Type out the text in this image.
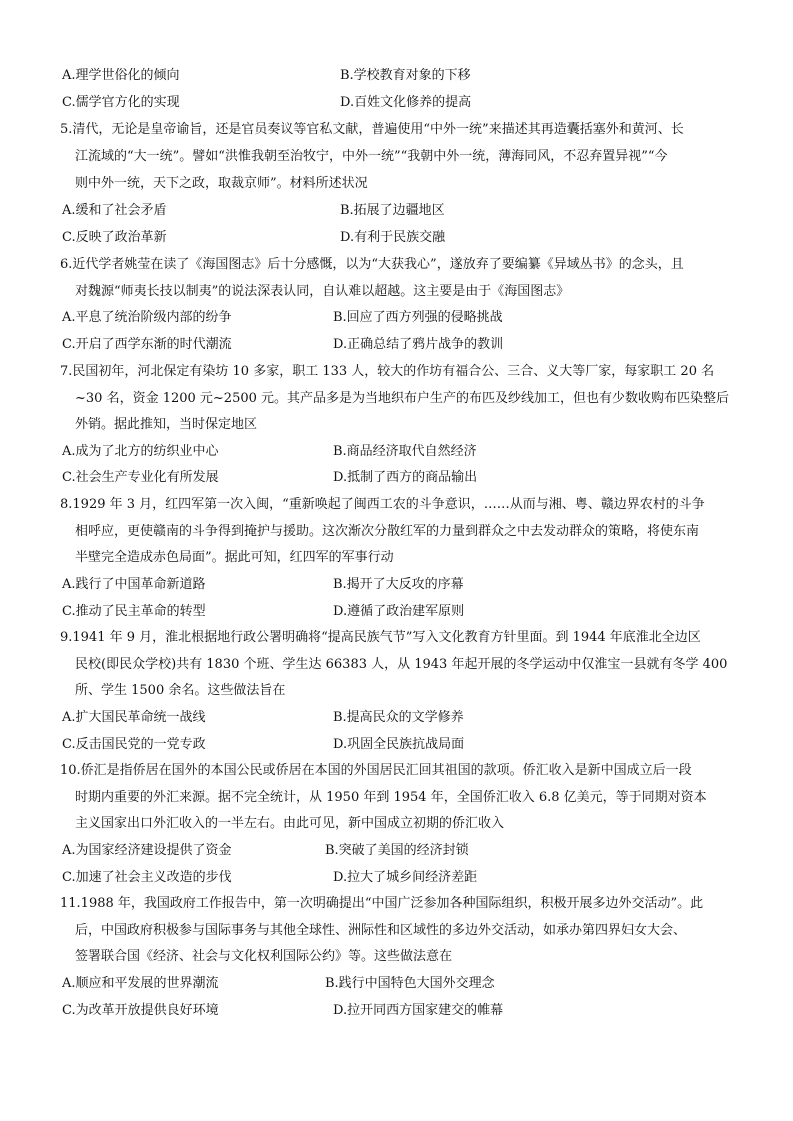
A.理学世俗化的倾向	B.学校教育对象的下移
C.儒学官方化的实现	D.百姓文化修养的提高
5.清代，无论是皇帝谕旨，还是官员奏议等官私文献，普遍使用“中外一统”来描述其再造囊括塞外和黄河、长
江流域的“大一统”。譬如“洪惟我朝至治牧宁，中外一统”“我朝中外一统，薄海同风，不忍弃置异视”“今
则中外一统，天下之政，取裁京师”。材料所述状况
A.缓和了社会矛盾	B.拓展了边疆地区
C.反映了政治革新	D.有利于民族交融
6.近代学者姚莹在读了《海国图志》后十分感慨，以为“大获我心”，遂放弃了要编纂《异域丛书》的念头，且
对魏源“师夷长技以制夷”的说法深表认同，自认难以超越。这主要是由于《海国图志》
A.平息了统治阶级内部的纷争	B.回应了西方列强的侵略挑战
C.开启了西学东渐的时代潮流	D.正确总结了鸦片战争的教训
7.民国初年，河北保定有染坊 10 多家，职工 133 人，较大的作坊有福合公、三合、义大等厂家，每家职工 20 名
~30 名，资金 1200 元~2500 元。其产品多是为当地织布户生产的布匹及纱线加工，但也有少数收购布匹染整后
外销。据此推知，当时保定地区
A.成为了北方的纺织业中心	B.商品经济取代自然经济
C.社会生产专业化有所发展	D.抵制了西方的商品输出
8.1929 年 3 月，红四军第一次入闽，“重新唤起了闽西工农的斗争意识，……从而与湘、粤、赣边界农村的斗争
相呼应，更使赣南的斗争得到掩护与援助。这次渐次分散红军的力量到群众之中去发动群众的策略，将使东南
半壁完全造成赤色局面”。据此可知，红四军的军事行动
A.践行了中国革命新道路	B.揭开了大反攻的序幕
C.推动了民主革命的转型	D.遵循了政治建军原则
9.1941 年 9 月，淮北根据地行政公署明确将“提高民族气节”写入文化教育方针里面。到 1944 年底淮北全边区
民校(即民众学校)共有 1830 个班、学生达 66383 人，从 1943 年起开展的冬学运动中仅淮宝一县就有冬学 400
所、学生 1500 余名。这些做法旨在
A.扩大国民革命统一战线	B.提高民众的文学修养
C.反击国民党的一党专政	D.巩固全民族抗战局面
10.侨汇是指侨居在国外的本国公民或侨居在本国的外国居民汇回其祖国的款项。侨汇收入是新中国成立后一段
时期内重要的外汇来源。据不完全统计，从 1950 年到 1954 年，全国侨汇收入 6.8 亿美元，等于同期对资本
主义国家出口外汇收入的一半左右。由此可见，新中国成立初期的侨汇收入
A.为国家经济建设提供了资金	B.突破了美国的经济封锁
C.加速了社会主义改造的步伐	D.拉大了城乡间经济差距
11.1988 年，我国政府工作报告中，第一次明确提出“中国广泛参加各种国际组织，积极开展多边外交活动”。此
后，中国政府积极参与国际事务与其他全球性、洲际性和区域性的多边外交活动，如承办第四界妇女大会、
签署联合国《经济、社会与文化权利国际公约》等。这些做法意在
A.顺应和平发展的世界潮流	B.践行中国特色大国外交理念
C.为改革开放提供良好环境	D.拉开同西方国家建交的帷幕
